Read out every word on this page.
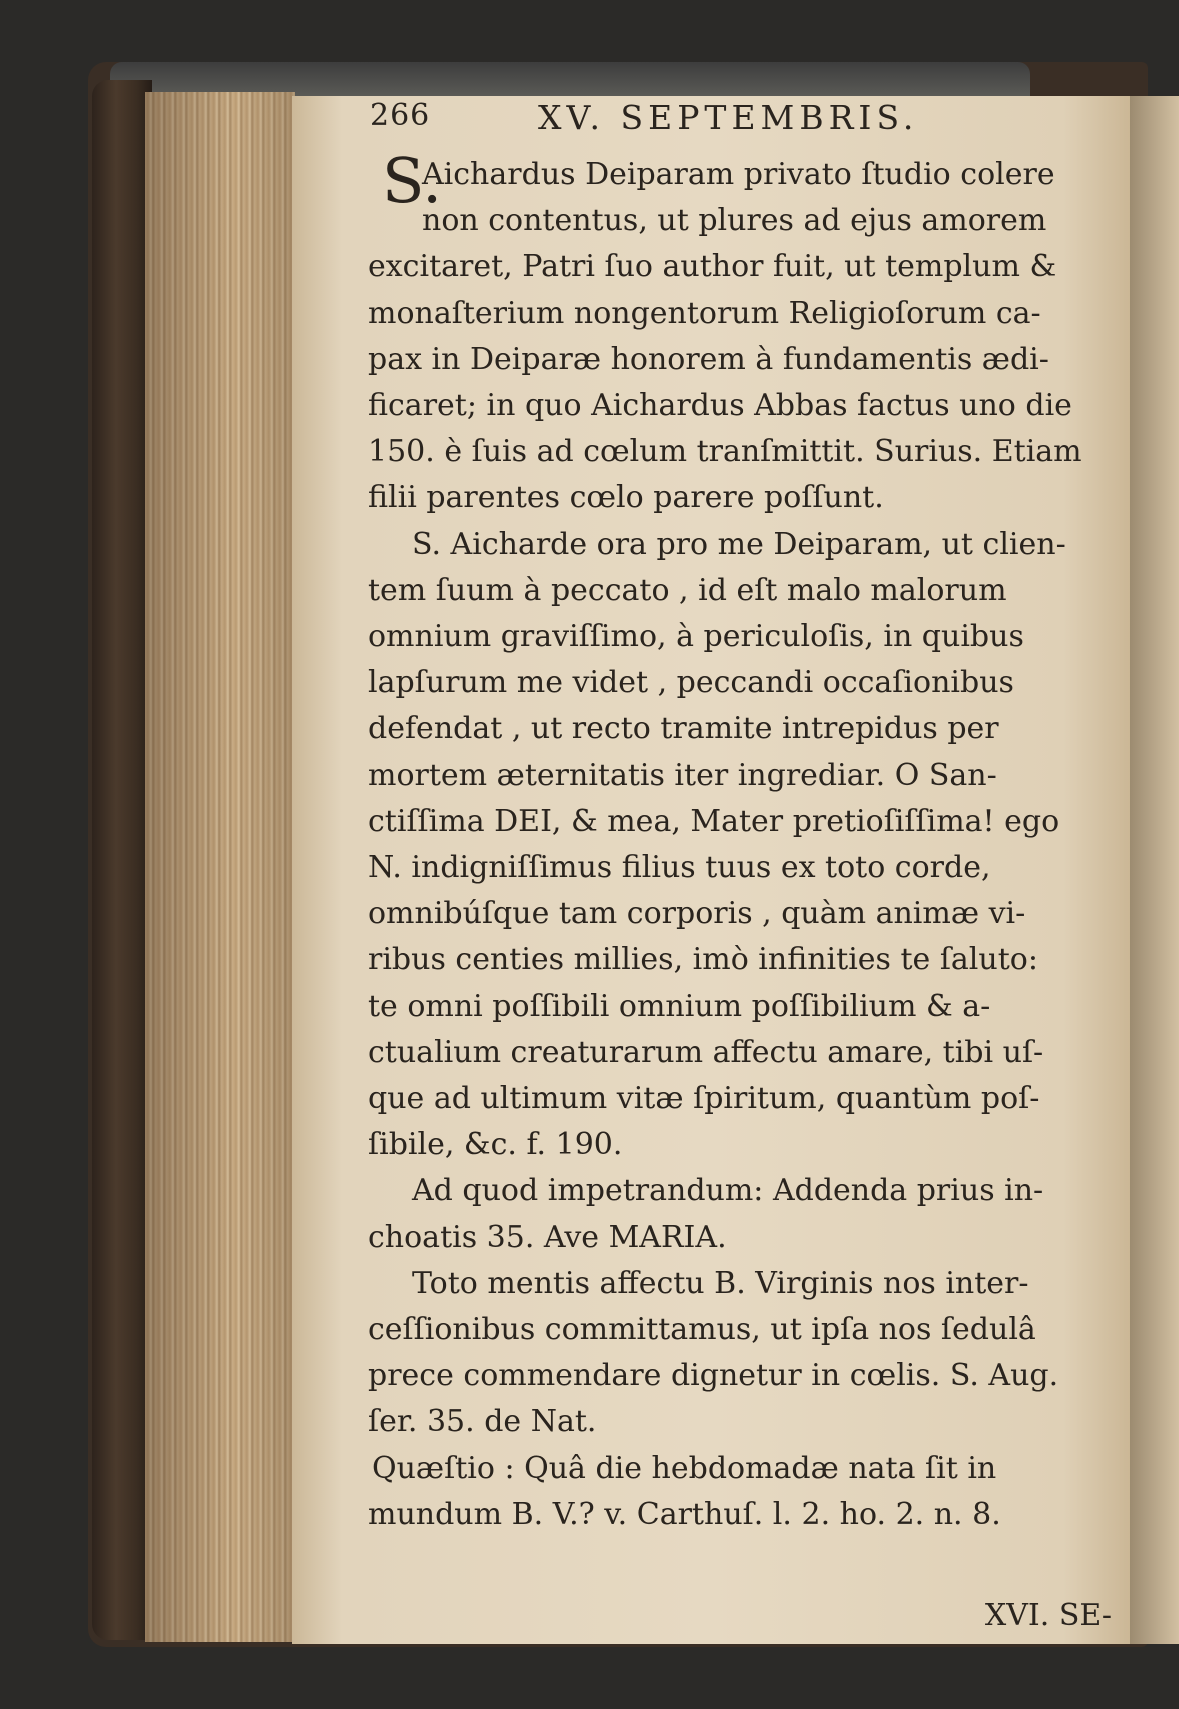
266	XV. SEPTEMBRIS.
S.
Aichardus Deiparam privato ſtudio colere
non contentus, ut plures ad ejus amorem
excitaret, Patri ſuo author fuit, ut templum &
monaſterium nongentorum Religioſorum ca-
pax in Deiparæ honorem à fundamentis ædi-
ficaret; in quo Aichardus Abbas factus uno die
150. è ſuis ad cœlum tranſmittit. Surius. Etiam
filii parentes cœlo parere poſſunt.
S. Aicharde ora pro me Deiparam, ut clien-
tem ſuum à peccato , id eſt malo malorum
omnium graviſſimo, à periculoſis, in quibus
lapſurum me videt , peccandi occaſionibus
defendat , ut recto tramite intrepidus per
mortem æternitatis iter ingrediar. O San-
ctiſſima DEI, & mea, Mater pretioſiſſima! ego
N. indigniſſimus filius tuus ex toto corde,
omnibúſque tam corporis , quàm animæ vi-
ribus centies millies, imò infinities te ſaluto:
te omni poſſibili omnium poſſibilium & a-
ctualium creaturarum affectu amare, tibi uſ-
que ad ultimum vitæ ſpiritum, quantùm poſ-
ſibile, &c. f. 190.
Ad quod impetrandum: Addenda prius in-
choatis 35. Ave MARIA.
Toto mentis affectu B. Virginis nos inter-
ceſſionibus committamus, ut ipſa nos ſedulâ
prece commendare dignetur in cœlis. S. Aug.
ſer. 35. de Nat.
Quæſtio : Quâ die hebdomadæ nata ſit in
mundum B. V.? v. Carthuſ. l. 2. ho. 2. n. 8.
XVI. SE-
